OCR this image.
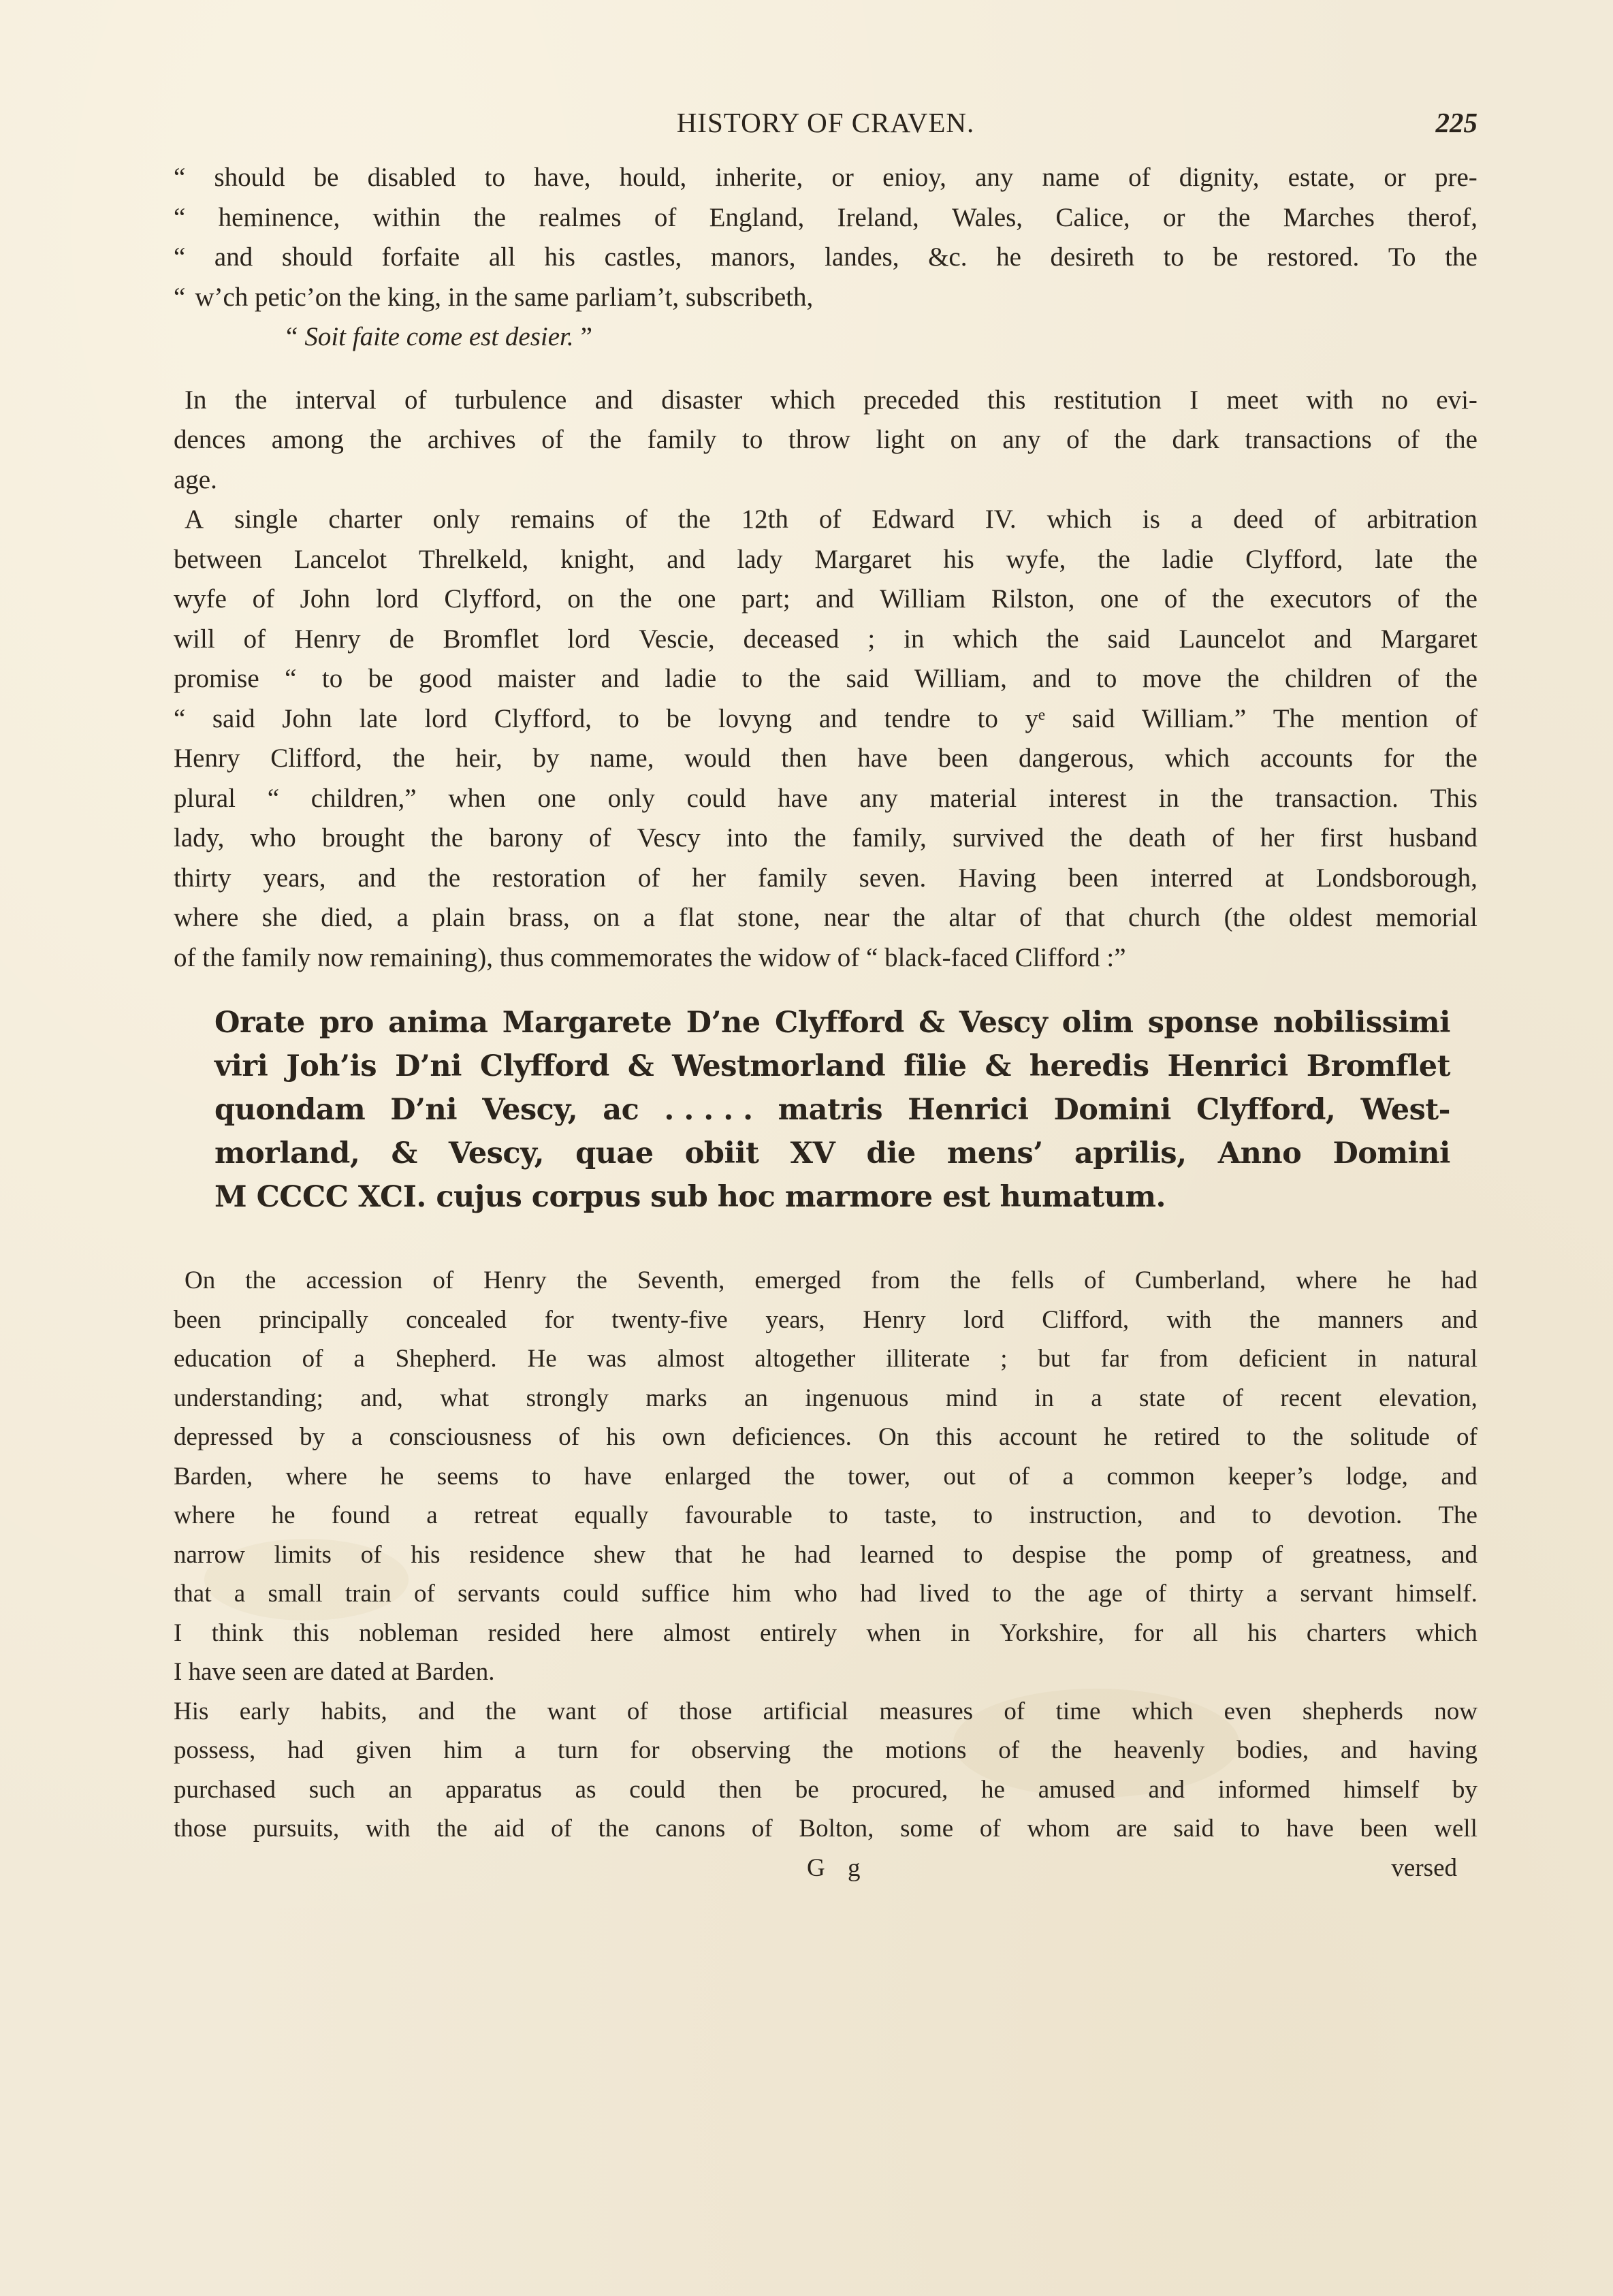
HISTORY OF CRAVEN.	225
“ should be disabled to have, hould, inherite, or enioy, any name of dignity, estate, or pre-
“ heminence, within the realmes of England, Ireland, Wales, Calice, or the Marches therof,
“ and should forfaite all his castles, manors, landes, &c. he desireth to be restored. To the
“ w’ch petic’on the king, in the same parliam’t, subscribeth,
“ Soit faite come est desier. ”
In the interval of turbulence and disaster which preceded this restitution I meet with no evi-
dences among the archives of the family to throw light on any of the dark transactions of the
age.
A single charter only remains of the 12th of Edward IV. which is a deed of arbitration
between Lancelot Threlkeld, knight, and lady Margaret his wyfe, the ladie Clyfford, late the
wyfe of John lord Clyfford, on the one part; and William Rilston, one of the executors of the
will of Henry de Bromflet lord Vescie, deceased ; in which the said Launcelot and Margaret
promise “ to be good maister and ladie to the said William, and to move the children of the
“ said John late lord Clyfford, to be lovyng and tendre to yᵉ said William.” The mention of
Henry Clifford, the heir, by name, would then have been dangerous, which accounts for the
plural “ children,” when one only could have any material interest in the transaction. This
lady, who brought the barony of Vescy into the family, survived the death of her first husband
thirty years, and the restoration of her family seven. Having been interred at Londsborough,
where she died, a plain brass, on a flat stone, near the altar of that church (the oldest memorial
of the family now remaining), thus commemorates the widow of “ black-faced Clifford :”
Orate pro anima Margarete D’ne Clyfford & Vescy olim sponse nobilissimi
viri Joh’is D’ni Clyfford & Westmorland filie & heredis Henrici Bromflet
quondam D’ni Vescy, ac . . . . . matris Henrici Domini Clyfford, West-
morland, & Vescy, quae obiit XV die mens’ aprilis, Anno Domini
M CCCC XCI. cujus corpus sub hoc marmore est humatum.
On the accession of Henry the Seventh, emerged from the fells of Cumberland, where he had
been principally concealed for twenty-five years, Henry lord Clifford, with the manners and
education of a Shepherd. He was almost altogether illiterate ; but far from deficient in natural
understanding; and, what strongly marks an ingenuous mind in a state of recent elevation,
depressed by a consciousness of his own deficiences. On this account he retired to the solitude of
Barden, where he seems to have enlarged the tower, out of a common keeper’s lodge, and
where he found a retreat equally favourable to taste, to instruction, and to devotion. The
narrow limits of his residence shew that he had learned to despise the pomp of greatness, and
that a small train of servants could suffice him who had lived to the age of thirty a servant himself.
I think this nobleman resided here almost entirely when in Yorkshire, for all his charters which
I have seen are dated at Barden.
His early habits, and the want of those artificial measures of time which even shepherds now
possess, had given him a turn for observing the motions of the heavenly bodies, and having
purchased such an apparatus as could then be procured, he amused and informed himself by
those pursuits, with the aid of the canons of Bolton, some of whom are said to have been well
G g	versed
